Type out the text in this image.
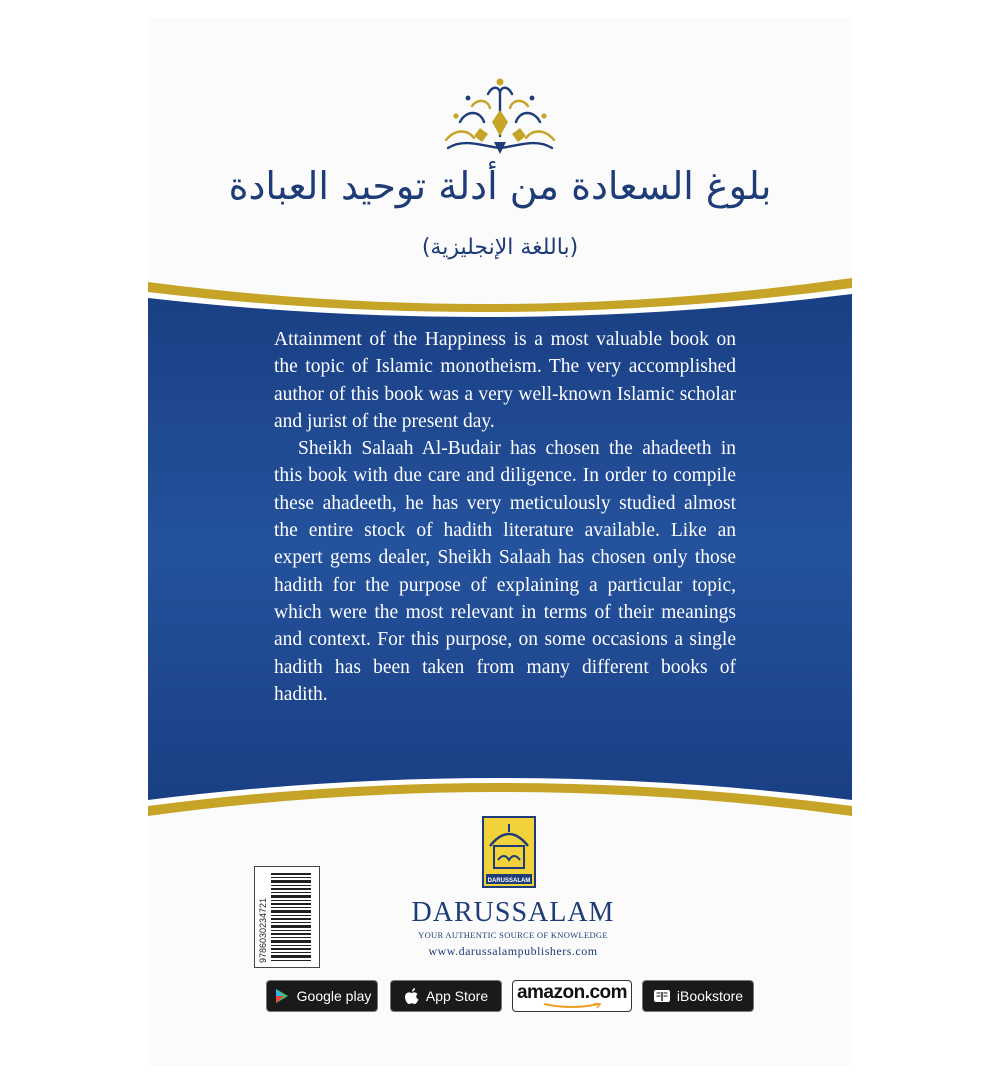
بلوغ السعادة من أدلة توحيد العبادة
(باللغة الإنجليزية)

Attainment of the Happiness is a most valuable book on the topic of Islamic monotheism. The very accomplished author of this book was a very well-known Islamic scholar and jurist of the present day.

Sheikh Salaah Al-Budair has chosen the ahadeeth in this book with due care and diligence. In order to compile these ahadeeth, he has very meticulously studied almost the entire stock of hadith literature available. Like an expert gems dealer, Sheikh Salaah has chosen only those hadith for the purpose of explaining a particular topic, which were the most relevant in terms of their meanings and context. For this purpose, on some occasions a single hadith has been taken from many different books of hadith.

DARUSSALAM
9786030234721	DARUSSALAM
YOUR AUTHENTIC SOURCE OF KNOWLEDGE
www.darussalampublishers.com
Google play	App Store amazon.com	iBookstore
